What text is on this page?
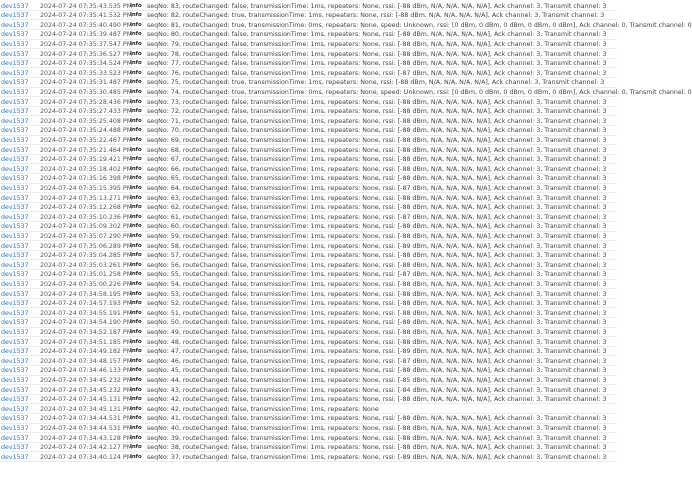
dev1537 2024-07-24 07:35:43.535 PM
info seqNo: 83, routeChanged: false, transmissionTime: 1ms, repeaters: None, rssi: [-88 dBm, N/A, N/A, N/A, N/A], Ack channel: 3, Transmit channel: 3
dev1537 2024-07-24 07:35:41.532 PM
info seqNo: 82, routeChanged: true, transmissionTime: 1ms, repeaters: None, rssi: [-88 dBm, N/A, N/A, N/A, N/A], Ack channel: 3, Transmit channel: 3
dev1537 2024-07-24 07:35:40.490 PM
info seqNo: 81, routeChanged: true, transmissionTime: 0ms, repeaters: None, speed: Unknown, rssi: [0 dBm, 0 dBm, 0 dBm, 0 dBm, 0 dBm], Ack channel: 0, Transmit channel: 0
dev1537 2024-07-24 07:35:39.487 PM
info seqNo: 80, routeChanged: false, transmissionTime: 1ms, repeaters: None, rssi: [-88 dBm, N/A, N/A, N/A, N/A], Ack channel: 3, Transmit channel: 3
dev1537 2024-07-24 07:35:37.547 PM
info seqNo: 79, routeChanged: false, transmissionTime: 1ms, repeaters: None, rssi: [-88 dBm, N/A, N/A, N/A, N/A], Ack channel: 3, Transmit channel: 3
dev1537 2024-07-24 07:35:36.527 PM
info seqNo: 78, routeChanged: false, transmissionTime: 1ms, repeaters: None, rssi: [-88 dBm, N/A, N/A, N/A, N/A], Ack channel: 3, Transmit channel: 3
dev1537 2024-07-24 07:35:34.524 PM
info seqNo: 77, routeChanged: false, transmissionTime: 1ms, repeaters: None, rssi: [-88 dBm, N/A, N/A, N/A, N/A], Ack channel: 3, Transmit channel: 3
dev1537 2024-07-24 07:35:33.523 PM
info seqNo: 76, routeChanged: false, transmissionTime: 1ms, repeaters: None, rssi: [-87 dBm, N/A, N/A, N/A, N/A], Ack channel: 3, Transmit channel: 3
dev1537 2024-07-24 07:35:31.487 PM
info seqNo: 75, routeChanged: true, transmissionTime: 1ms, repeaters: None, rssi: [-88 dBm, N/A, N/A, N/A, N/A], Ack channel: 3, Transmit channel: 3
dev1537 2024-07-24 07:35:30.485 PM
info seqNo: 74, routeChanged: true, transmissionTime: 0ms, repeaters: None, speed: Unknown, rssi: [0 dBm, 0 dBm, 0 dBm, 0 dBm, 0 dBm], Ack channel: 0, Transmit channel: 0
dev1537 2024-07-24 07:35:28.436 PM
info seqNo: 73, routeChanged: false, transmissionTime: 1ms, repeaters: None, rssi: [-88 dBm, N/A, N/A, N/A, N/A], Ack channel: 3, Transmit channel: 3
dev1537 2024-07-24 07:35:27.433 PM
info seqNo: 72, routeChanged: false, transmissionTime: 1ms, repeaters: None, rssi: [-88 dBm, N/A, N/A, N/A, N/A], Ack channel: 3, Transmit channel: 3
dev1537 2024-07-24 07:35:25.408 PM
info seqNo: 71, routeChanged: false, transmissionTime: 1ms, repeaters: None, rssi: [-88 dBm, N/A, N/A, N/A, N/A], Ack channel: 3, Transmit channel: 3
dev1537 2024-07-24 07:35:24.488 PM
info seqNo: 70, routeChanged: false, transmissionTime: 1ms, repeaters: None, rssi: [-88 dBm, N/A, N/A, N/A, N/A], Ack channel: 3, Transmit channel: 3
dev1537 2024-07-24 07:35:22.467 PM
info seqNo: 69, routeChanged: false, transmissionTime: 1ms, repeaters: None, rssi: [-88 dBm, N/A, N/A, N/A, N/A], Ack channel: 3, Transmit channel: 3
dev1537 2024-07-24 07:35:21.464 PM
info seqNo: 68, routeChanged: false, transmissionTime: 1ms, repeaters: None, rssi: [-88 dBm, N/A, N/A, N/A, N/A], Ack channel: 3, Transmit channel: 3
dev1537 2024-07-24 07:35:19.421 PM
info seqNo: 67, routeChanged: false, transmissionTime: 1ms, repeaters: None, rssi: [-88 dBm, N/A, N/A, N/A, N/A], Ack channel: 3, Transmit channel: 3
dev1537 2024-07-24 07:35:18.402 PM
info seqNo: 66, routeChanged: false, transmissionTime: 1ms, repeaters: None, rssi: [-88 dBm, N/A, N/A, N/A, N/A], Ack channel: 3, Transmit channel: 3
dev1537 2024-07-24 07:35:16.398 PM
info seqNo: 65, routeChanged: false, transmissionTime: 1ms, repeaters: None, rssi: [-88 dBm, N/A, N/A, N/A, N/A], Ack channel: 3, Transmit channel: 3
dev1537 2024-07-24 07:35:15.395 PM
info seqNo: 64, routeChanged: false, transmissionTime: 1ms, repeaters: None, rssi: [-87 dBm, N/A, N/A, N/A, N/A], Ack channel: 3, Transmit channel: 3
dev1537 2024-07-24 07:35:13.271 PM
info seqNo: 63, routeChanged: false, transmissionTime: 1ms, repeaters: None, rssi: [-88 dBm, N/A, N/A, N/A, N/A], Ack channel: 3, Transmit channel: 3
dev1537 2024-07-24 07:35:12.268 PM
info seqNo: 62, routeChanged: false, transmissionTime: 1ms, repeaters: None, rssi: [-88 dBm, N/A, N/A, N/A, N/A], Ack channel: 3, Transmit channel: 3
dev1537 2024-07-24 07:35:10.236 PM
info seqNo: 61, routeChanged: false, transmissionTime: 1ms, repeaters: None, rssi: [-87 dBm, N/A, N/A, N/A, N/A], Ack channel: 3, Transmit channel: 3
dev1537 2024-07-24 07:35:09.302 PM
info seqNo: 60, routeChanged: false, transmissionTime: 1ms, repeaters: None, rssi: [-88 dBm, N/A, N/A, N/A, N/A], Ack channel: 3, Transmit channel: 3
dev1537 2024-07-24 07:35:07.290 PM
info seqNo: 59, routeChanged: false, transmissionTime: 1ms, repeaters: None, rssi: [-88 dBm, N/A, N/A, N/A, N/A], Ack channel: 3, Transmit channel: 3
dev1537 2024-07-24 07:35:06.289 PM
info seqNo: 58, routeChanged: false, transmissionTime: 1ms, repeaters: None, rssi: [-89 dBm, N/A, N/A, N/A, N/A], Ack channel: 3, Transmit channel: 3
dev1537 2024-07-24 07:35:04.285 PM
info seqNo: 57, routeChanged: false, transmissionTime: 1ms, repeaters: None, rssi: [-88 dBm, N/A, N/A, N/A, N/A], Ack channel: 3, Transmit channel: 3
dev1537 2024-07-24 07:35:03.261 PM
info seqNo: 56, routeChanged: false, transmissionTime: 1ms, repeaters: None, rssi: [-88 dBm, N/A, N/A, N/A, N/A], Ack channel: 3, Transmit channel: 3
dev1537 2024-07-24 07:35:01.258 PM
info seqNo: 55, routeChanged: false, transmissionTime: 1ms, repeaters: None, rssi: [-87 dBm, N/A, N/A, N/A, N/A], Ack channel: 3, Transmit channel: 3
dev1537 2024-07-24 07:35:00.226 PM
info seqNo: 54, routeChanged: false, transmissionTime: 1ms, repeaters: None, rssi: [-88 dBm, N/A, N/A, N/A, N/A], Ack channel: 3, Transmit channel: 3
dev1537 2024-07-24 07:34:58.195 PM
info seqNo: 53, routeChanged: false, transmissionTime: 1ms, repeaters: None, rssi: [-88 dBm, N/A, N/A, N/A, N/A], Ack channel: 3, Transmit channel: 3
dev1537 2024-07-24 07:34:57.193 PM
info seqNo: 52, routeChanged: false, transmissionTime: 1ms, repeaters: None, rssi: [-88 dBm, N/A, N/A, N/A, N/A], Ack channel: 3, Transmit channel: 3
dev1537 2024-07-24 07:34:55.191 PM
info seqNo: 51, routeChanged: false, transmissionTime: 1ms, repeaters: None, rssi: [-88 dBm, N/A, N/A, N/A, N/A], Ack channel: 3, Transmit channel: 3
dev1537 2024-07-24 07:34:54.190 PM
info seqNo: 50, routeChanged: false, transmissionTime: 1ms, repeaters: None, rssi: [-88 dBm, N/A, N/A, N/A, N/A], Ack channel: 3, Transmit channel: 3
dev1537 2024-07-24 07:34:52.187 PM
info seqNo: 49, routeChanged: false, transmissionTime: 1ms, repeaters: None, rssi: [-88 dBm, N/A, N/A, N/A, N/A], Ack channel: 3, Transmit channel: 3
dev1537 2024-07-24 07:34:51.185 PM
info seqNo: 48, routeChanged: false, transmissionTime: 1ms, repeaters: None, rssi: [-88 dBm, N/A, N/A, N/A, N/A], Ack channel: 3, Transmit channel: 3
dev1537 2024-07-24 07:34:49.182 PM
info seqNo: 47, routeChanged: false, transmissionTime: 1ms, repeaters: None, rssi: [-89 dBm, N/A, N/A, N/A, N/A], Ack channel: 3, Transmit channel: 3
dev1537 2024-07-24 07:34:48.157 PM
info seqNo: 46, routeChanged: false, transmissionTime: 1ms, repeaters: None, rssi: [-87 dBm, N/A, N/A, N/A, N/A], Ack channel: 3, Transmit channel: 3
dev1537 2024-07-24 07:34:46.133 PM
info seqNo: 45, routeChanged: false, transmissionTime: 1ms, repeaters: None, rssi: [-88 dBm, N/A, N/A, N/A, N/A], Ack channel: 3, Transmit channel: 3
dev1537 2024-07-24 07:34:45.232 PM
info seqNo: 44, routeChanged: false, transmissionTime: 1ms, repeaters: None, rssi: [-85 dBm, N/A, N/A, N/A, N/A], Ack channel: 3, Transmit channel: 3
dev1537 2024-07-24 07:34:45.232 PM
info seqNo: 43, routeChanged: false, transmissionTime: 1ms, repeaters: None, rssi: [-84 dBm, N/A, N/A, N/A, N/A], Ack channel: 3, Transmit channel: 3
dev1537 2024-07-24 07:34:45.131 PM
info seqNo: 42, routeChanged: false, transmissionTime: 1ms, repeaters: None, rssi: [-88 dBm, N/A, N/A, N/A, N/A], Ack channel: 3, Transmit channel: 3
dev1537 2024-07-24 07:34:45.131 PM
info seqNo: 42, routeChanged: false, transmissionTime: 1ms, repeaters: None
dev1537 2024-07-24 07:34:44.531 PM
info seqNo: 41, routeChanged: false, transmissionTime: 1ms, repeaters: None, rssi: [-88 dBm, N/A, N/A, N/A, N/A], Ack channel: 3, Transmit channel: 3
dev1537 2024-07-24 07:34:44.531 PM
info seqNo: 40, routeChanged: false, transmissionTime: 1ms, repeaters: None, rssi: [-88 dBm, N/A, N/A, N/A, N/A], Ack channel: 3, Transmit channel: 3
dev1537 2024-07-24 07:34:43.128 PM
info seqNo: 39, routeChanged: false, transmissionTime: 1ms, repeaters: None, rssi: [-88 dBm, N/A, N/A, N/A, N/A], Ack channel: 3, Transmit channel: 3
dev1537 2024-07-24 07:34:42.127 PM
info seqNo: 38, routeChanged: false, transmissionTime: 1ms, repeaters: None, rssi: [-88 dBm, N/A, N/A, N/A, N/A], Ack channel: 3, Transmit channel: 3
dev1537 2024-07-24 07:34:40.124 PM
info seqNo: 37, routeChanged: false, transmissionTime: 1ms, repeaters: None, rssi: [-89 dBm, N/A, N/A, N/A, N/A], Ack channel: 3, Transmit channel: 3
